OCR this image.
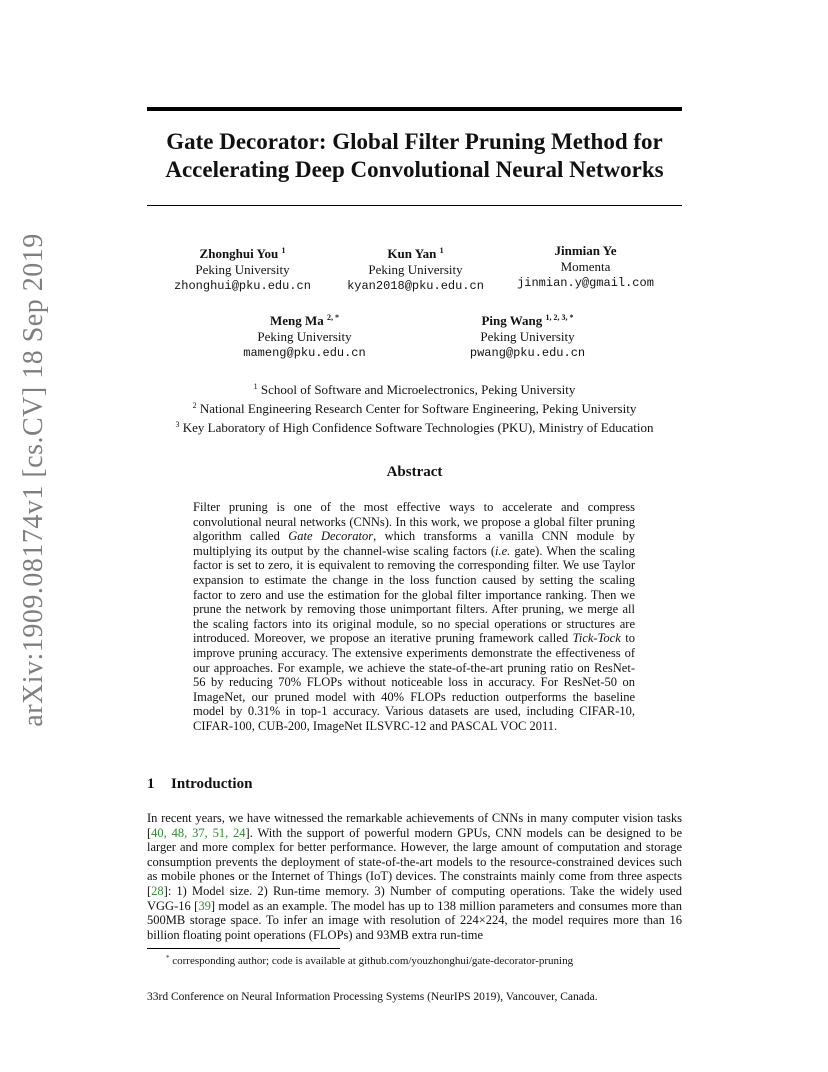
arXiv:1909.08174v1 [cs.CV] 18 Sep 2019
Gate Decorator: Global Filter Pruning Method for Accelerating Deep Convolutional Neural Networks
Zhonghui You $^1$
Peking University
zhonghui@pku.edu.cn
Kun Yan $^1$
Peking University
kyan2018@pku.edu.cn
Jinmian Ye
Momenta
jinmian.y@gmail.com
Meng Ma $^{2, *}$
Peking University
mameng@pku.edu.cn
Ping Wang $^{1, 2, 3, *}$
Peking University
pwang@pku.edu.cn
$^1$ School of Software and Microelectronics, Peking University
$^2$ National Engineering Research Center for Software Engineering, Peking University
$^3$ Key Laboratory of High Confidence Software Technologies (PKU), Ministry of Education
Abstract
Filter pruning is one of the most effective ways to accelerate and compress convolutional neural networks (CNNs). In this work, we propose a global filter pruning algorithm called Gate Decorator, which transforms a vanilla CNN module by multiplying its output by the channel-wise scaling factors (i.e. gate). When the scaling factor is set to zero, it is equivalent to removing the corresponding filter. We use Taylor expansion to estimate the change in the loss function caused by setting the scaling factor to zero and use the estimation for the global filter importance ranking. Then we prune the network by removing those unimportant filters. After pruning, we merge all the scaling factors into its original module, so no special operations or structures are introduced. Moreover, we propose an iterative pruning framework called Tick-Tock to improve pruning accuracy. The extensive experiments demonstrate the effectiveness of our approaches. For example, we achieve the state-of-the-art pruning ratio on ResNet-56 by reducing 70% FLOPs without noticeable loss in accuracy. For ResNet-50 on ImageNet, our pruned model with 40% FLOPs reduction outperforms the baseline model by 0.31% in top-1 accuracy. Various datasets are used, including CIFAR-10, CIFAR-100, CUB-200, ImageNet ILSVRC-12 and PASCAL VOC 2011.
1 Introduction
In recent years, we have witnessed the remarkable achievements of CNNs in many computer vision tasks [40, 48, 37, 51, 24]. With the support of powerful modern GPUs, CNN models can be designed to be larger and more complex for better performance. However, the large amount of computation and storage consumption prevents the deployment of state-of-the-art models to the resource-constrained devices such as mobile phones or the Internet of Things (IoT) devices. The constraints mainly come from three aspects [28]: 1) Model size. 2) Run-time memory. 3) Number of computing operations. Take the widely used VGG-16 [39] model as an example. The model has up to 138 million parameters and consumes more than 500MB storage space. To infer an image with resolution of 224×224, the model requires more than 16 billion floating point operations (FLOPs) and 93MB extra run-time
* corresponding author; code is available at github.com/youzhonghui/gate-decorator-pruning
33rd Conference on Neural Information Processing Systems (NeurIPS 2019), Vancouver, Canada.
